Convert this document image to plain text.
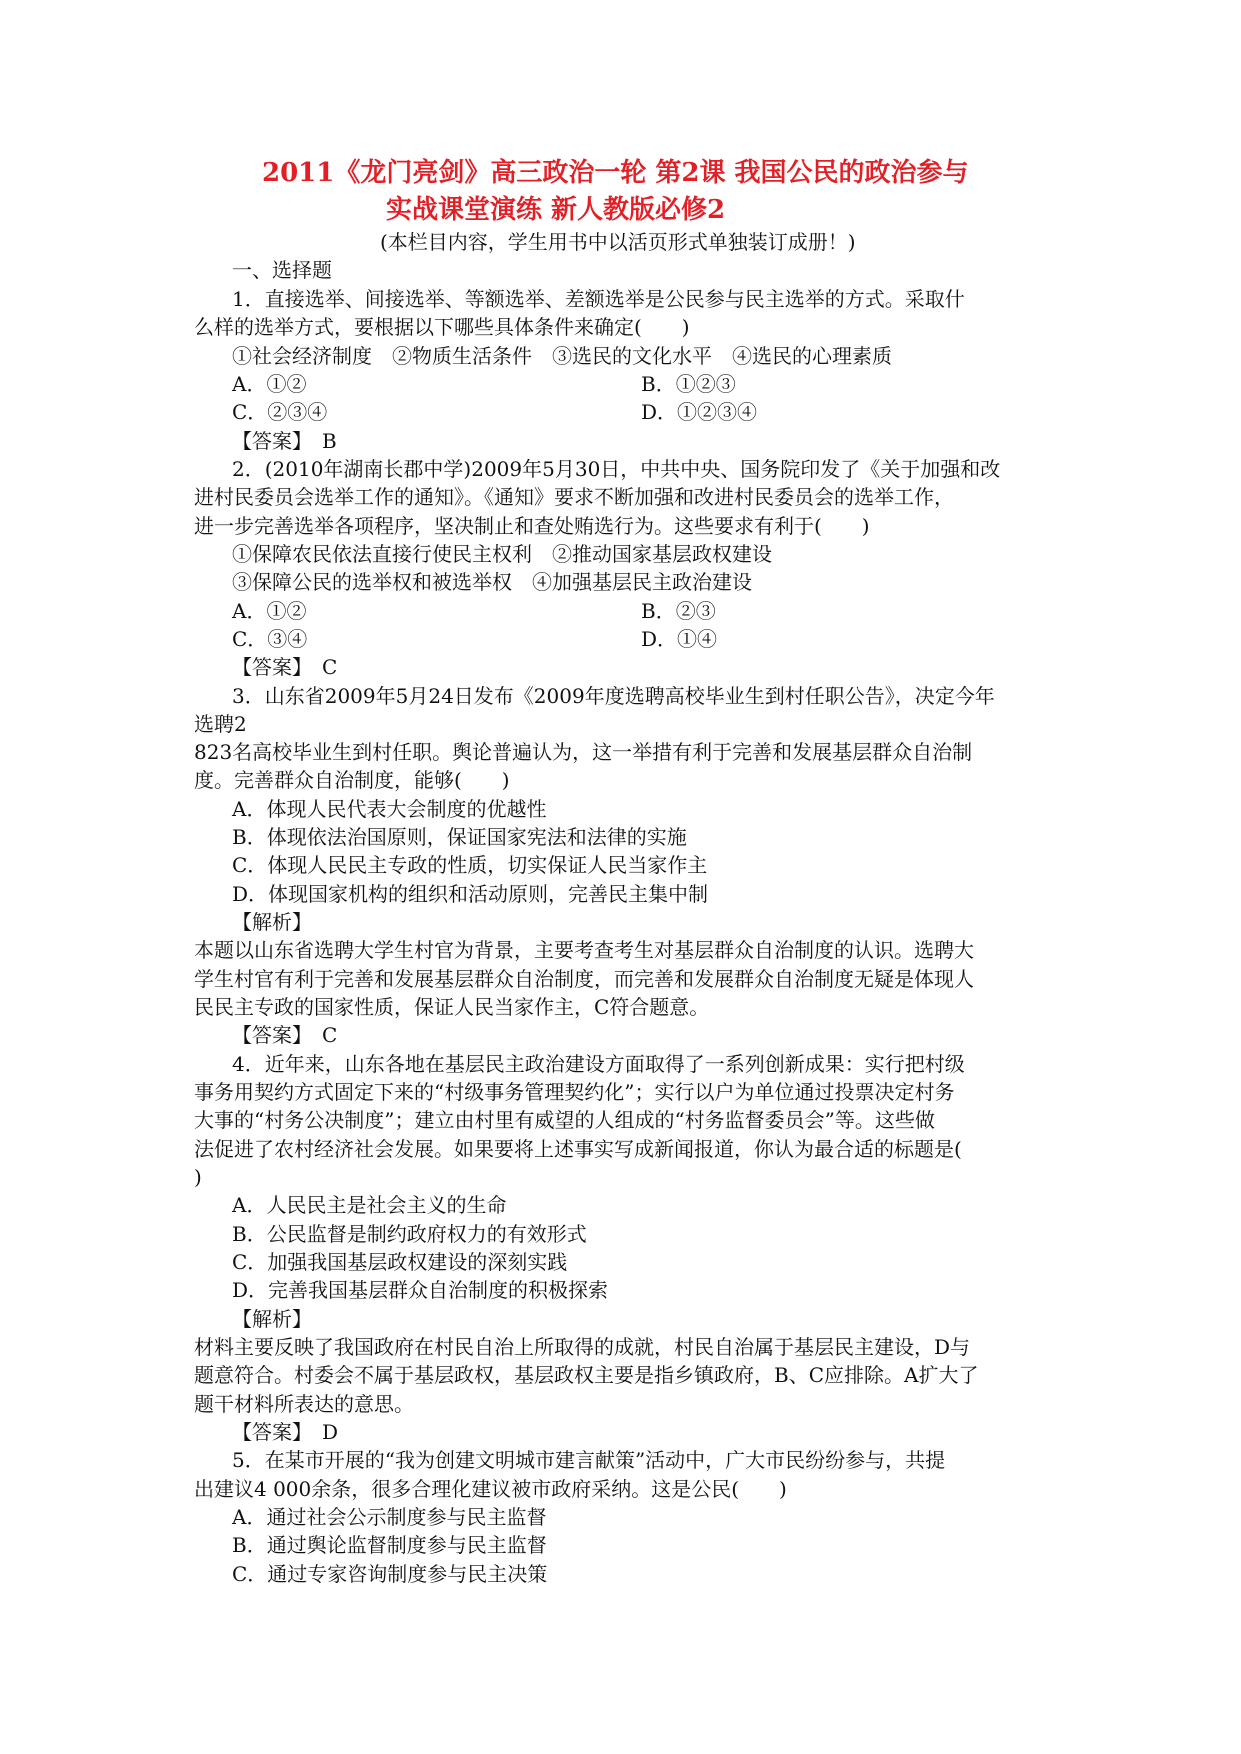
2011《龙门亮剑》高三政治一轮 第2课 我国公民的政治参与
实战课堂演练 新人教版必修2
(本栏目内容，学生用书中以活页形式单独装订成册！)
一、选择题
1．直接选举、间接选举、等额选举、差额选举是公民参与民主选举的方式。采取什
么样的选举方式，要根据以下哪些具体条件来确定(　　)
①社会经济制度　②物质生活条件　③选民的文化水平　④选民的心理素质
A．①②	B．①②③
C．②③④	D．①②③④
【答案】　B
2．(2010年湖南长郡中学)2009年5月30日，中共中央、国务院印发了《关于加强和改
进村民委员会选举工作的通知》。《通知》要求不断加强和改进村民委员会的选举工作，
进一步完善选举各项程序，坚决制止和查处贿选行为。这些要求有利于(　　)
①保障农民依法直接行使民主权利　②推动国家基层政权建设
③保障公民的选举权和被选举权　④加强基层民主政治建设
A．①②	B．②③
C．③④	D．①④
【答案】　C
3．山东省2009年5月24日发布《2009年度选聘高校毕业生到村任职公告》，决定今年
选聘2
823名高校毕业生到村任职。舆论普遍认为，这一举措有利于完善和发展基层群众自治制
度。完善群众自治制度，能够(　　)
A．体现人民代表大会制度的优越性
B．体现依法治国原则，保证国家宪法和法律的实施
C．体现人民民主专政的性质，切实保证人民当家作主
D．体现国家机构的组织和活动原则，完善民主集中制
【解析】
本题以山东省选聘大学生村官为背景，主要考查考生对基层群众自治制度的认识。选聘大
学生村官有利于完善和发展基层群众自治制度，而完善和发展群众自治制度无疑是体现人
民民主专政的国家性质，保证人民当家作主，C符合题意。
【答案】　C
4．近年来，山东各地在基层民主政治建设方面取得了一系列创新成果：实行把村级
事务用契约方式固定下来的“村级事务管理契约化”；实行以户为单位通过投票决定村务
大事的“村务公决制度”；建立由村里有威望的人组成的“村务监督委员会”等。这些做
法促进了农村经济社会发展。如果要将上述事实写成新闻报道，你认为最合适的标题是(
)
A．人民民主是社会主义的生命
B．公民监督是制约政府权力的有效形式
C．加强我国基层政权建设的深刻实践
D．完善我国基层群众自治制度的积极探索
【解析】
材料主要反映了我国政府在村民自治上所取得的成就，村民自治属于基层民主建设，D与
题意符合。村委会不属于基层政权，基层政权主要是指乡镇政府，B、C应排除。A扩大了
题干材料所表达的意思。
【答案】　D
5．在某市开展的“我为创建文明城市建言献策”活动中，广大市民纷纷参与，共提
出建议4 000余条，很多合理化建议被市政府采纳。这是公民(　　)
A．通过社会公示制度参与民主监督
B．通过舆论监督制度参与民主监督
C．通过专家咨询制度参与民主决策
